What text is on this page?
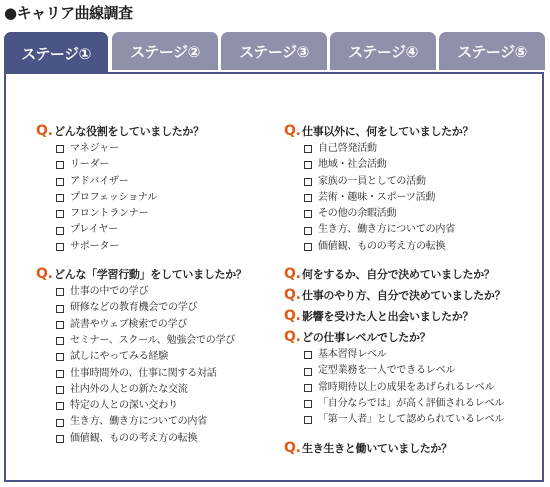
●キャリア曲線調査
ステージ①	ステージ②	ステージ③	ステージ④	ステージ⑤
Q. どんな役割をしていましたか？
マネジャー
リーダー
アドバイザー
プロフェッショナル
フロントランナー
プレイヤー
サポーター
Q. どんな「学習行動」をしていましたか？
仕事の中での学び
研修などの教育機会での学び
読書やウェブ検索での学び
セミナー、スクール、勉強会での学び
試しにやってみる経験
仕事時間外の、仕事に関する対話
社内外の人との新たな交流
特定の人との深い交わり
生き方、働き方についての内省
価値観、ものの考え方の転換
Q. 仕事以外に、何をしていましたか？
自己啓発活動
地域・社会活動
家族の一員としての活動
芸術・趣味・スポーツ活動
その他の余暇活動
生き方、働き方についての内省
価値観、ものの考え方の転換
Q. 何をするか、自分で決めていましたか？
Q. 仕事のやり方、自分で決めていましたか？
Q. 影響を受けた人と出会いましたか？
Q. どの仕事レベルでしたか？
基本習得レベル
定型業務を一人でできるレベル
常時期待以上の成果をあげられるレベル
「自分ならでは」が高く評価されるレベル
「第一人者」として認められているレベル
Q. 生き生きと働いていましたか？
